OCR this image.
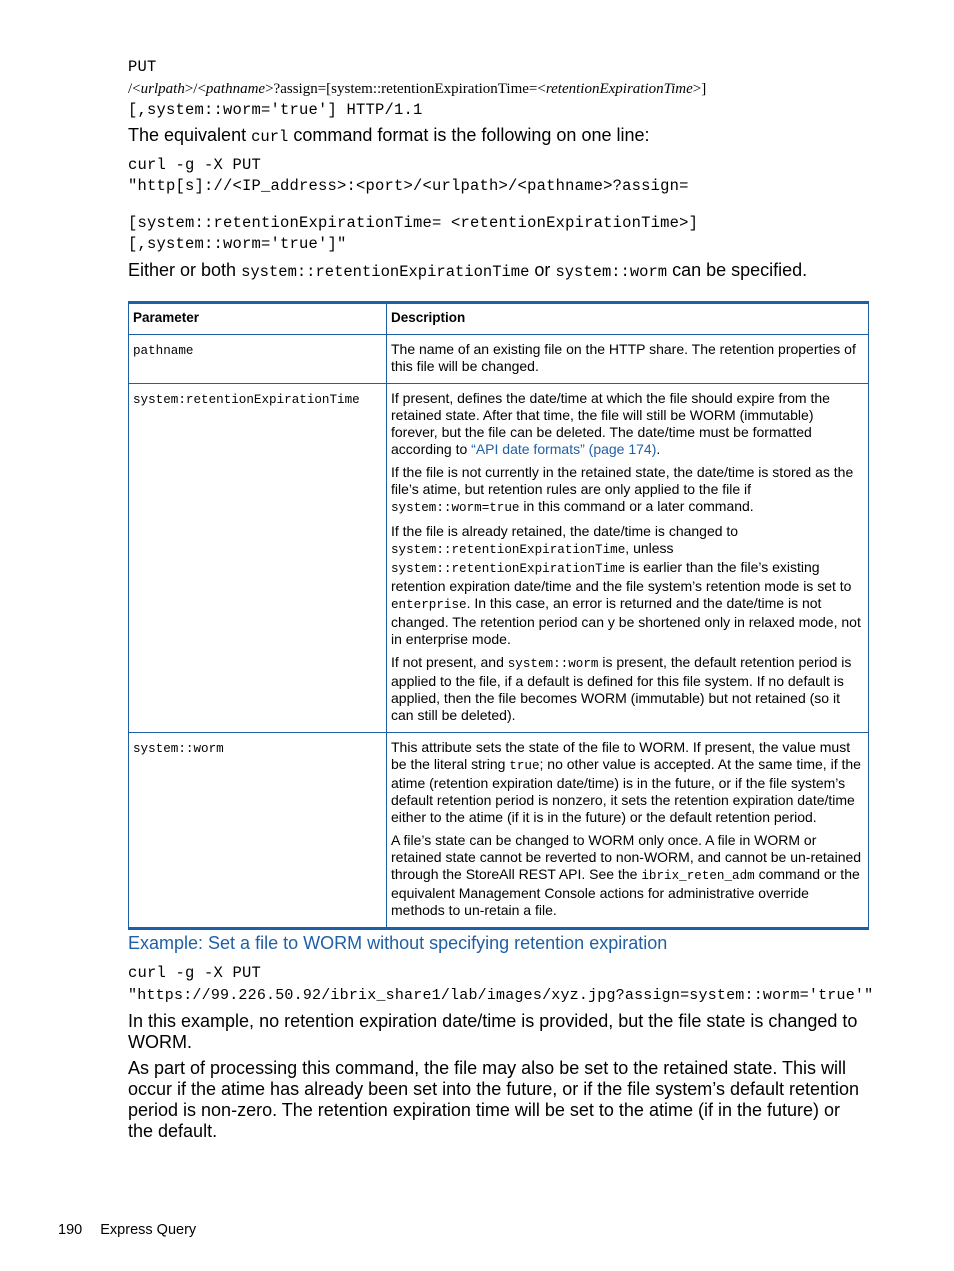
PUT
/<urlpath>/<pathname>?assign=[system::retentionExpirationTime=<retentionExpirationTime>]
[,system::worm='true'] HTTP/1.1
The equivalent curl command format is the following on one line:
curl -g -X PUT
"http[s]://<IP_address>:<port>/<urlpath>/<pathname>?assign=
[system::retentionExpirationTime= <retentionExpirationTime>]
[,system::worm='true']"
Either or both system::retentionExpirationTime or system::worm can be specified.
Parameter	Description
pathname	The name of an existing file on the HTTP share. The retention properties of this file will be changed.

system:retentionExpirationTime	If present, defines the date/time at which the file should expire from the retained state. After that time, the file will still be WORM (immutable) forever, but the file can be deleted. The date/time must be formatted according to “API date formats” (page 174).

If the file is not currently in the retained state, the date/time is stored as the file’s atime, but retention rules are only applied to the file if system::worm=true in this command or a later command.

If the file is already retained, the date/time is changed to system::retentionExpirationTime, unless system::retentionExpirationTime is earlier than the file’s existing retention expiration date/time and the file system’s retention mode is set to enterprise. In this case, an error is returned and the date/time is not changed. The retention period can y be shortened only in relaxed mode, not in enterprise mode.

If not present, and system::worm is present, the default retention period is applied to the file, if a default is defined for this file system. If no default is applied, then the file becomes WORM (immutable) but not retained (so it can still be deleted).

system::worm	This attribute sets the state of the file to WORM. If present, the value must be the literal string true; no other value is accepted. At the same time, if the atime (retention expiration date/time) is in the future, or if the file system’s default retention period is nonzero, it sets the retention expiration date/time either to the atime (if it is in the future) or the default retention period.

A file’s state can be changed to WORM only once. A file in WORM or retained state cannot be reverted to non-WORM, and cannot be un-retained through the StoreAll REST API. See the ibrix_reten_adm command or the equivalent Management Console actions for administrative override methods to un-retain a file.

Example: Set a file to WORM without specifying retention expiration
curl -g -X PUT
"https://99.226.50.92/ibrix_share1/lab/images/xyz.jpg?assign=system::worm='true'"
In this example, no retention expiration date/time is provided, but the file state is changed to WORM.
As part of processing this command, the file may also be set to the retained state. This will occur if the atime has already been set into the future, or if the file system’s default retention period is non-zero. The retention expiration time will be set to the atime (if in the future) or the default.
190 Express Query
